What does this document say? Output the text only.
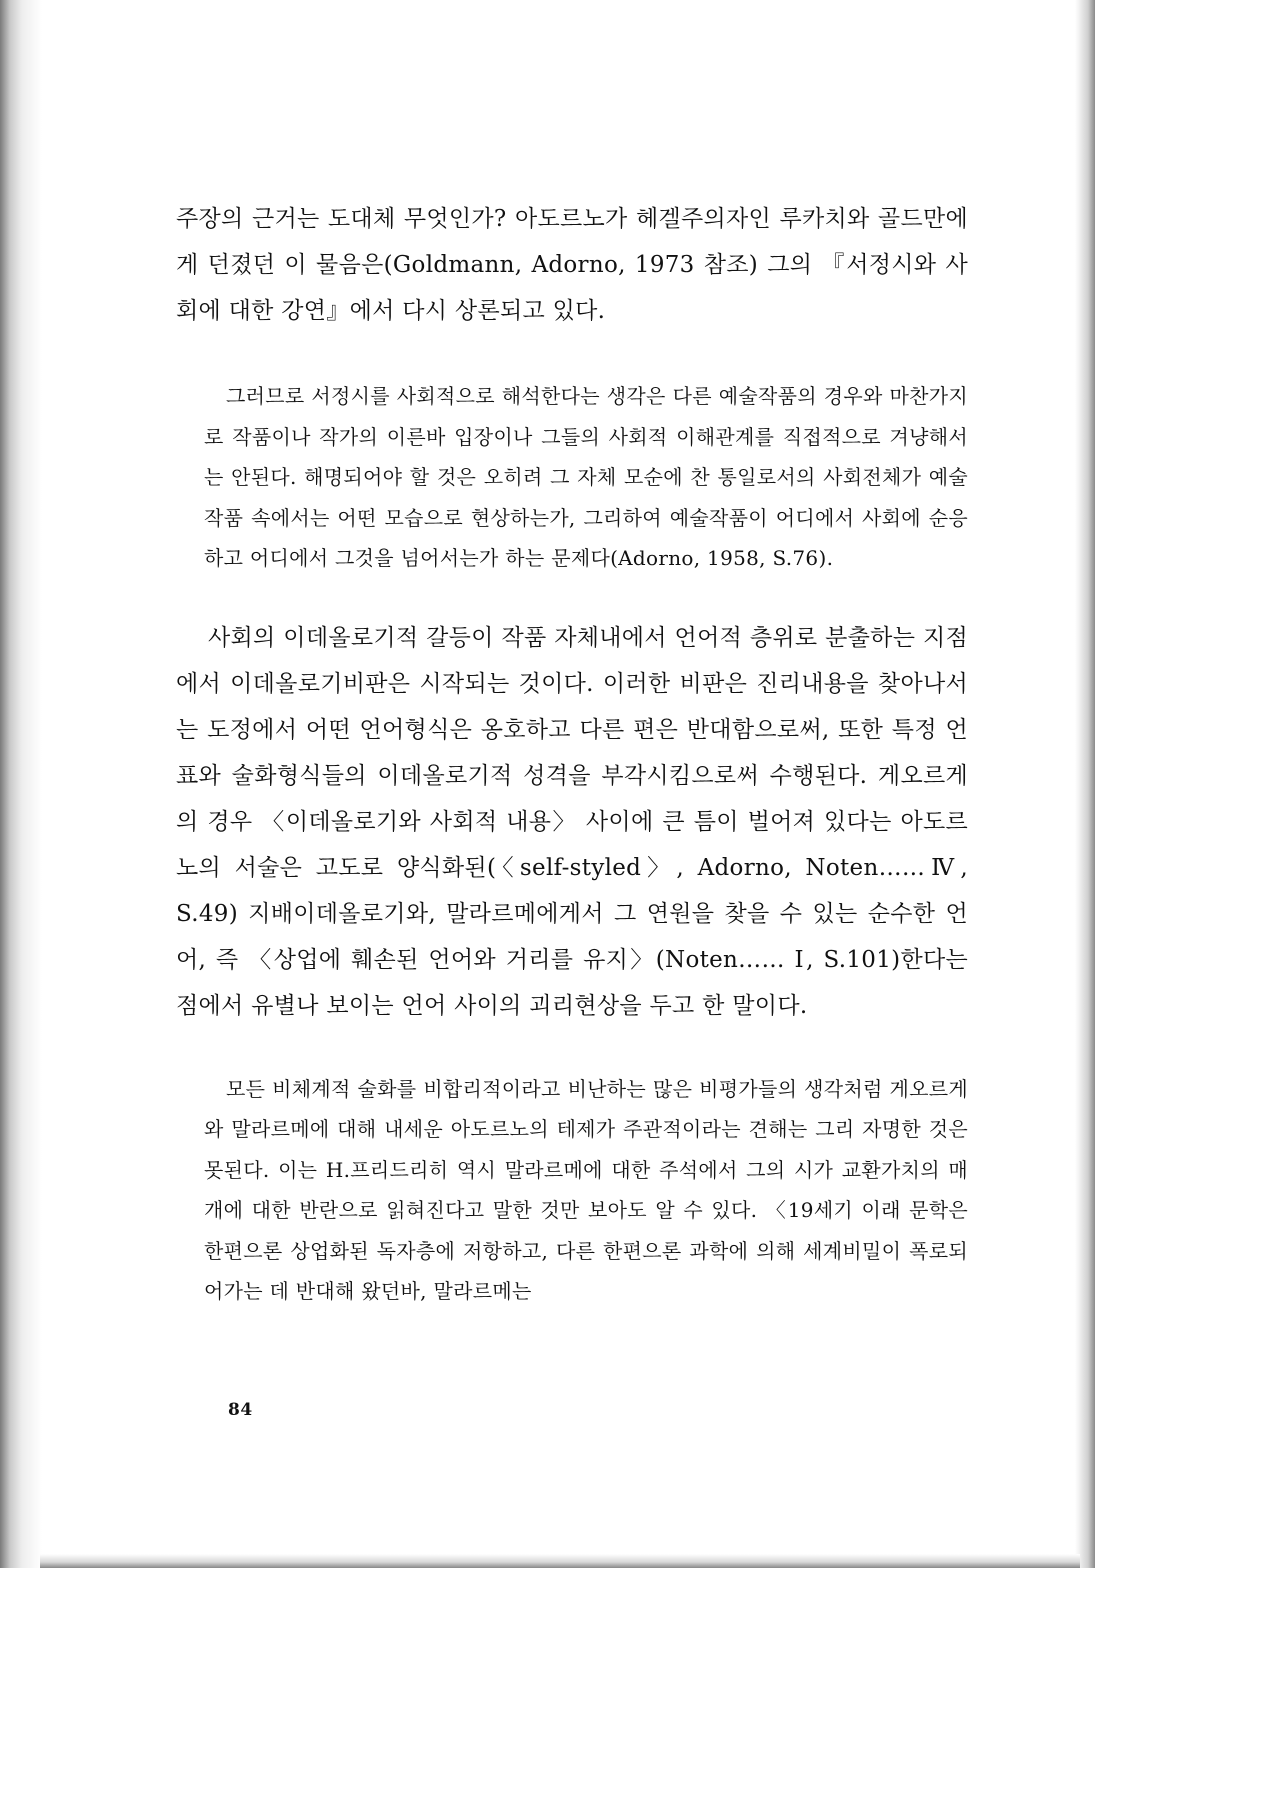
주장의 근거는 도대체 무엇인가? 아도르노가 헤겔주의자인 루카치와 골드만에게 던졌던 이 물음은(Goldmann, Adorno, 1973 참조) 그의 『서정시와 사회에 대한 강연』에서 다시 상론되고 있다.

그러므로 서정시를 사회적으로 해석한다는 생각은 다른 예술작품의 경우와 마찬가지로 작품이나 작가의 이른바 입장이나 그들의 사회적 이해관계를 직접적으로 겨냥해서는 안된다. 해명되어야 할 것은 오히려 그 자체 모순에 찬 통일로서의 사회전체가 예술작품 속에서는 어떤 모습으로 현상하는가, 그리하여 예술작품이 어디에서 사회에 순응하고 어디에서 그것을 넘어서는가 하는 문제다(Adorno, 1958, S.76).

사회의 이데올로기적 갈등이 작품 자체내에서 언어적 층위로 분출하는 지점에서 이데올로기비판은 시작되는 것이다. 이러한 비판은 진리내용을 찾아나서는 도정에서 어떤 언어형식은 옹호하고 다른 편은 반대함으로써, 또한 특정 언표와 술화형식들의 이데올로기적 성격을 부각시킴으로써 수행된다. 게오르게의 경우 〈이데올로기와 사회적 내용〉 사이에 큰 틈이 벌어져 있다는 아도르노의 서술은 고도로 양식화된(〈self-styled〉, Adorno, Noten……Ⅳ, S.49) 지배이데올로기와, 말라르메에게서 그 연원을 찾을 수 있는 순수한 언어, 즉 〈상업에 훼손된 언어와 거리를 유지〉(Noten…… Ⅰ, S.101)한다는 점에서 유별나 보이는 언어 사이의 괴리현상을 두고 한 말이다.

모든 비체계적 술화를 비합리적이라고 비난하는 많은 비평가들의 생각처럼 게오르게와 말라르메에 대해 내세운 아도르노의 테제가 주관적이라는 견해는 그리 자명한 것은 못된다. 이는 H.프리드리히 역시 말라르메에 대한 주석에서 그의 시가 교환가치의 매개에 대한 반란으로 읽혀진다고 말한 것만 보아도 알 수 있다. 〈19세기 이래 문학은 한편으론 상업화된 독자층에 저항하고, 다른 한편으론 과학에 의해 세계비밀이 폭로되어가는 데 반대해 왔던바, 말라르메는

84
